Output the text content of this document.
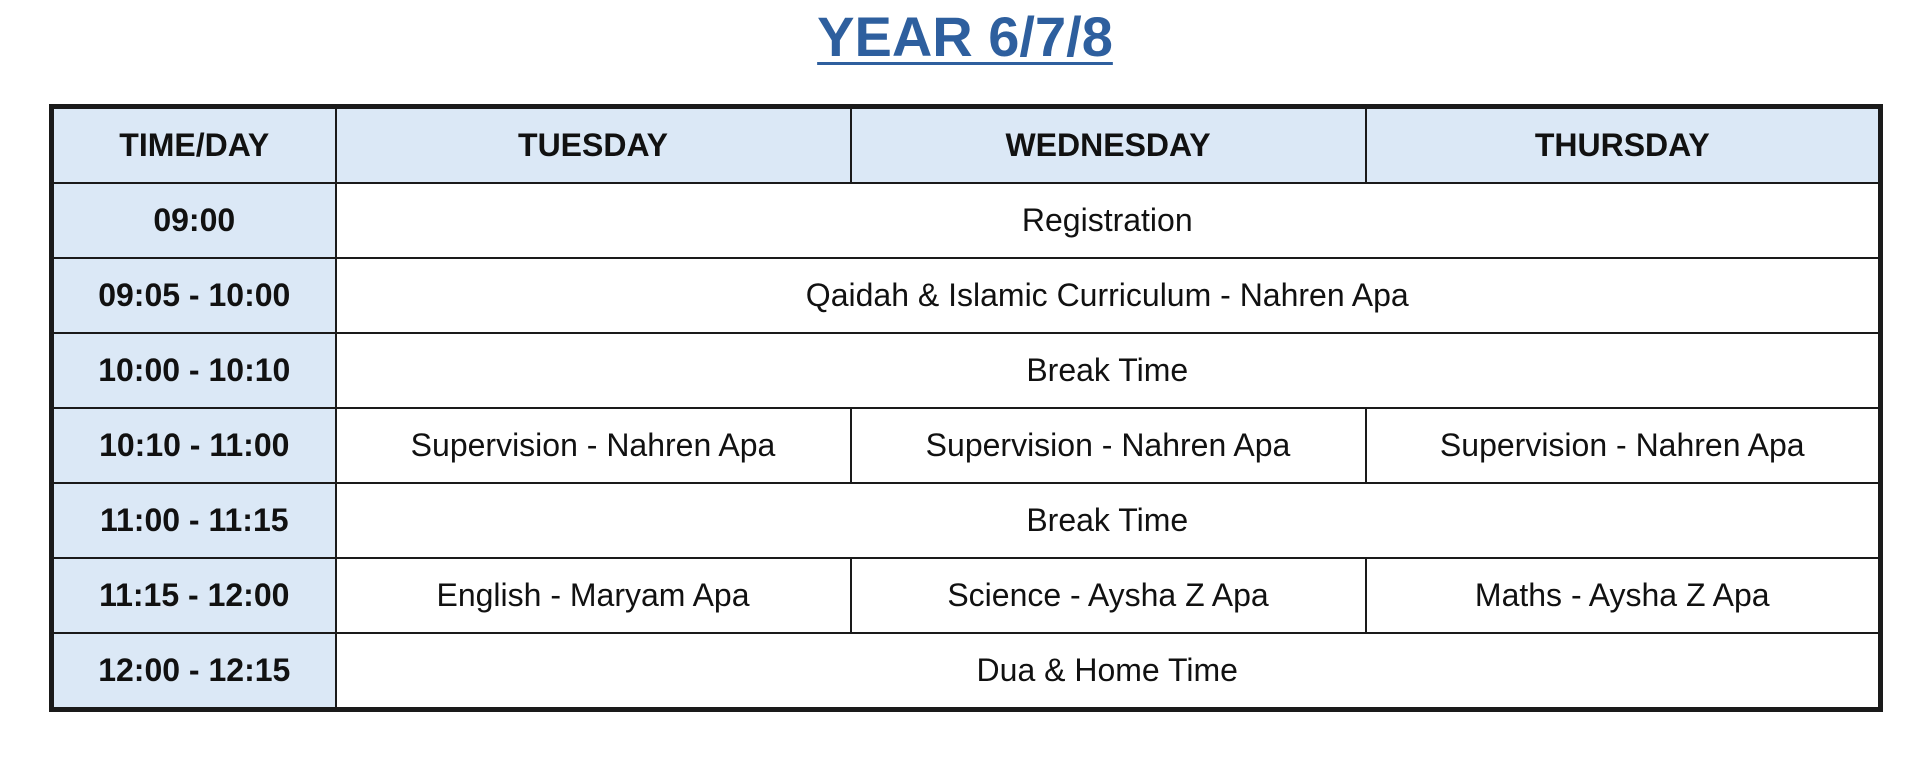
YEAR 6/7/8
TIME/DAY	TUESDAY	WEDNESDAY	THURSDAY
09:00	Registration		
09:05 - 10:00	Qaidah & Islamic Curriculum - Nahren Apa		
10:00 - 10:10	Break Time		
10:10 - 11:00	Supervision - Nahren Apa	Supervision - Nahren Apa	Supervision - Nahren Apa
11:00 - 11:15	Break Time		
11:15 - 12:00	English - Maryam Apa	Science - Aysha Z Apa	Maths - Aysha Z Apa
12:00 - 12:15	Dua & Home Time		
